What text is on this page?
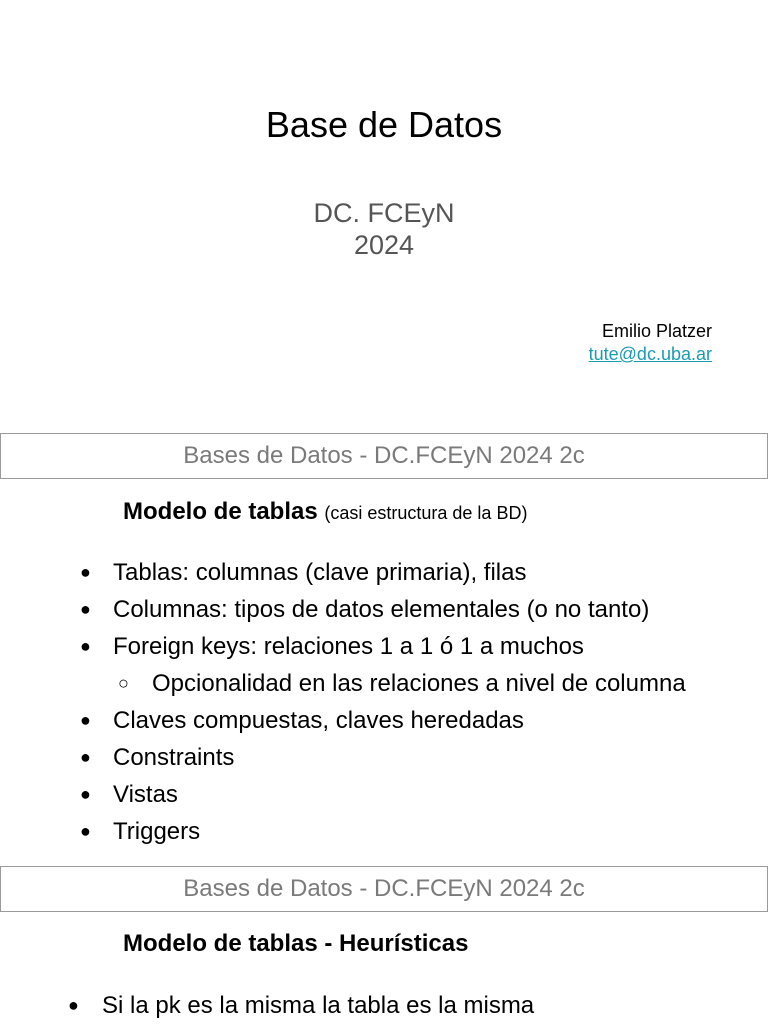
Base de Datos
DC. FCEyN
2024
Emilio Platzer
tute@dc.uba.ar
Bases de Datos - DC.FCEyN 2024 2c
Modelo de tablas (casi estructura de la BD)
● Tablas: columnas (clave primaria), filas
● Columnas: tipos de datos elementales (o no tanto)
● Foreign keys: relaciones 1 a 1 ó 1 a muchos
○ Opcionalidad en las relaciones a nivel de columna
● Claves compuestas, claves heredadas
● Constraints
● Vistas
● Triggers
Bases de Datos - DC.FCEyN 2024 2c
Modelo de tablas - Heurísticas
● Si la pk es la misma la tabla es la misma
